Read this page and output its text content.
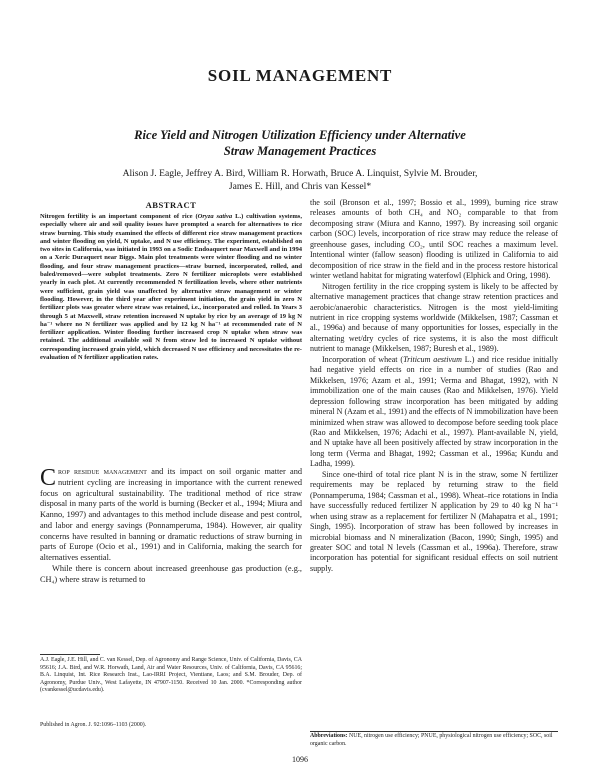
SOIL MANAGEMENT
Rice Yield and Nitrogen Utilization Efficiency under Alternative
Straw Management Practices
Alison J. Eagle, Jeffrey A. Bird, William R. Horwath, Bruce A. Linquist, Sylvie M. Brouder,
James E. Hill, and Chris van Kessel*
ABSTRACT
Nitrogen fertility is an important component of rice (Oryza sativa L.) cultivation systems, especially where air and soil quality issues have prompted a search for alternatives to rice straw burning. This study examined the effects of different rice straw management practices and winter flooding on yield, N uptake, and N use efficiency. The experiment, established on two sites in California, was initiated in 1993 on a Sodic Endoaquert near Maxwell and in 1994 on a Xeric Duraquert near Biggs. Main plot treatments were winter flooding and no winter flooding, and four straw management practices—straw burned, incorporated, rolled, and baled/removed—were subplot treatments. Zero N fertilizer microplots were established yearly in each plot. At currently recommended N fertilization levels, where other nutrients were sufficient, grain yield was unaffected by alternative straw management or winter flooding. However, in the third year after experiment initiation, the grain yield in zero N fertilizer plots was greater where straw was retained, i.e., incorporated and rolled. In Years 3 through 5 at Maxwell, straw retention increased N uptake by rice by an average of 19 kg N ha⁻¹ where no N fertilizer was applied and by 12 kg N ha⁻¹ at recommended rate of N fertilizer application. Winter flooding further increased crop N uptake when straw was retained. The additional available soil N from straw led to increased N uptake without corresponding increased grain yield, which decreased N use efficiency and necessitates the re-evaluation of N fertilizer application rates.

Crop residue management and its impact on soil organic matter and nutrient cycling are increasing in importance with the current renewed focus on agricultural sustainability. The traditional method of rice straw disposal in many parts of the world is burning (Becker et al., 1994; Miura and Kanno, 1997) and advantages to this method include disease and pest control, and labor and energy savings (Ponnamperuma, 1984). However, air quality concerns have resulted in banning or dramatic reductions of straw burning in parts of Europe (Ocio et al., 1991) and in California, making the search for alternatives essential.

While there is concern about increased greenhouse gas production (e.g., CH₄) where straw is returned to

A.J. Eagle, J.E. Hill, and C. van Kessel, Dep. of Agronomy and Range Science, Univ. of California, Davis, CA 95616; J.A. Bird, and W.R. Horwath, Land, Air and Water Resources, Univ. of California, Davis, CA 95616; B.A. Linquist, Int. Rice Research Inst., Lao-IRRI Project, Vientiane, Laos; and S.M. Brouder, Dep. of Agronomy, Purdue Univ., West Lafayette, IN 47907-1150. Received 10 Jan. 2000. *Corresponding author (cvankessel@ucdavis.edu).
Published in Agron. J. 92:1096–1103 (2000).

the soil (Bronson et al., 1997; Bossio et al., 1999), burning rice straw releases amounts of both CH₄ and NO₂ comparable to that from decomposing straw (Miura and Kanno, 1997). By increasing soil organic carbon (SOC) levels, incorporation of rice straw may reduce the release of greenhouse gases, including CO₂, until SOC reaches a maximum level. Intentional winter (fallow season) flooding is utilized in California to aid decomposition of rice straw in the field and in the process restore historical winter wetland habitat for migrating waterfowl (Elphick and Oring, 1998).

Nitrogen fertility in the rice cropping system is likely to be affected by alternative management practices that change straw retention practices and aerobic/anaerobic characteristics. Nitrogen is the most yield-limiting nutrient in rice cropping systems worldwide (Mikkelsen, 1987; Cassman et al., 1996a) and because of many opportunities for losses, especially in the alternating wet/dry cycles of rice systems, it is also the most difficult nutrient to manage (Mikkelsen, 1987; Buresh et al., 1989).

Incorporation of wheat (Triticum aestivum L.) and rice residue initially had negative yield effects on rice in a number of studies (Rao and Mikkelsen, 1976; Azam et al., 1991; Verma and Bhagat, 1992), with N immobilization one of the main causes (Rao and Mikkelsen, 1976). Yield depression following straw incorporation has been mitigated by adding mineral N (Azam et al., 1991) and the effects of N immobilization have been minimized when straw was allowed to decompose before seeding took place (Rao and Mikkelsen, 1976; Adachi et al., 1997). Plant-available N, yield, and N uptake have all been positively affected by straw incorporation in the long term (Verma and Bhagat, 1992; Cassman et al., 1996a; Kundu and Ladha, 1999).

Since one-third of total rice plant N is in the straw, some N fertilizer requirements may be replaced by returning straw to the field (Ponnamperuma, 1984; Cassman et al., 1998). Wheat–rice rotations in India have successfully reduced fertilizer N application by 29 to 40 kg N ha⁻¹ when using straw as a replacement for fertilizer N (Mahapatra et al., 1991; Singh, 1995). Incorporation of straw has been followed by increases in microbial biomass and N mineralization (Bacon, 1990; Singh, 1995) and greater SOC and total N levels (Cassman et al., 1996a). Therefore, straw incorporation has potential for significant residual effects on soil nutrient supply.

Abbreviations: NUE, nitrogen use efficiency; PNUE, physiological nitrogen use efficiency; SOC, soil organic carbon.
1096
